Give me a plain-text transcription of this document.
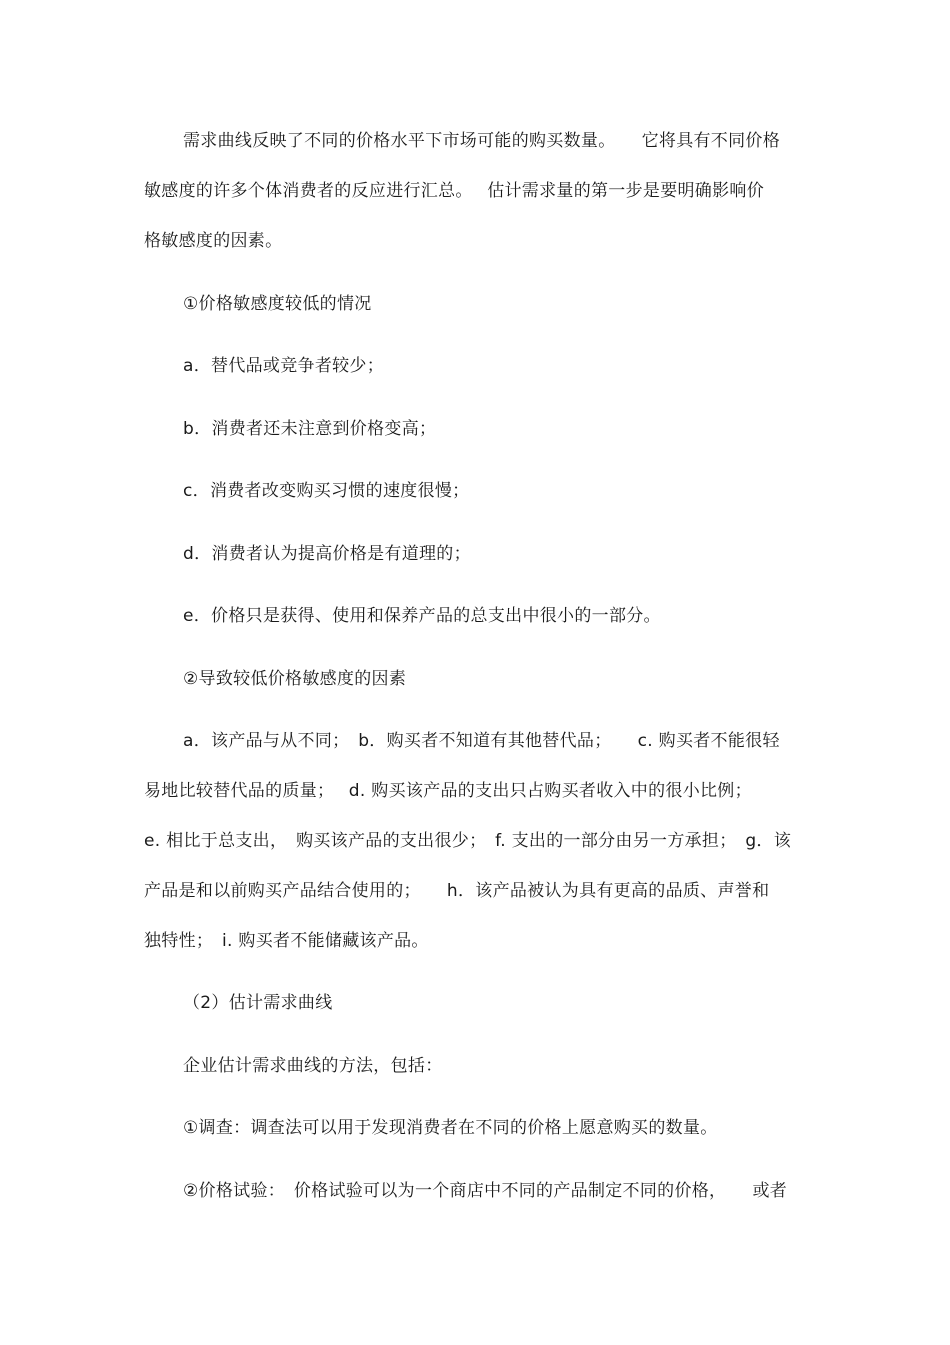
需求曲线反映了不同的价格水平下市场可能的购买数量。　　它将具有不同价格
敏感度的许多个体消费者的反应进行汇总。　 估计需求量的第一步是要明确影响价
格敏感度的因素。
①价格敏感度较低的情况
a．替代品或竞争者较少；
b．消费者还未注意到价格变高；
c．消费者改变购买习惯的速度很慢；
d．消费者认为提高价格是有道理的；
e．价格只是获得、使用和保养产品的总支出中很小的一部分。
②导致较低价格敏感度的因素
a．该产品与从不同；　b．购买者不知道有其他替代品；　　c. 购买者不能很轻
易地比较替代品的质量；　 d. 购买该产品的支出只占购买者收入中的很小比例；
e. 相比于总支出，　购买该产品的支出很少；　f. 支出的一部分由另一方承担；　g．该
产品是和以前购买产品结合使用的；　　h．该产品被认为具有更高的品质、声誉和
独特性；　i. 购买者不能储藏该产品。
（2）估计需求曲线
企业估计需求曲线的方法，包括：
①调查：调查法可以用于发现消费者在不同的价格上愿意购买的数量。
②价格试验：　价格试验可以为一个商店中不同的产品制定不同的价格，　　或者
